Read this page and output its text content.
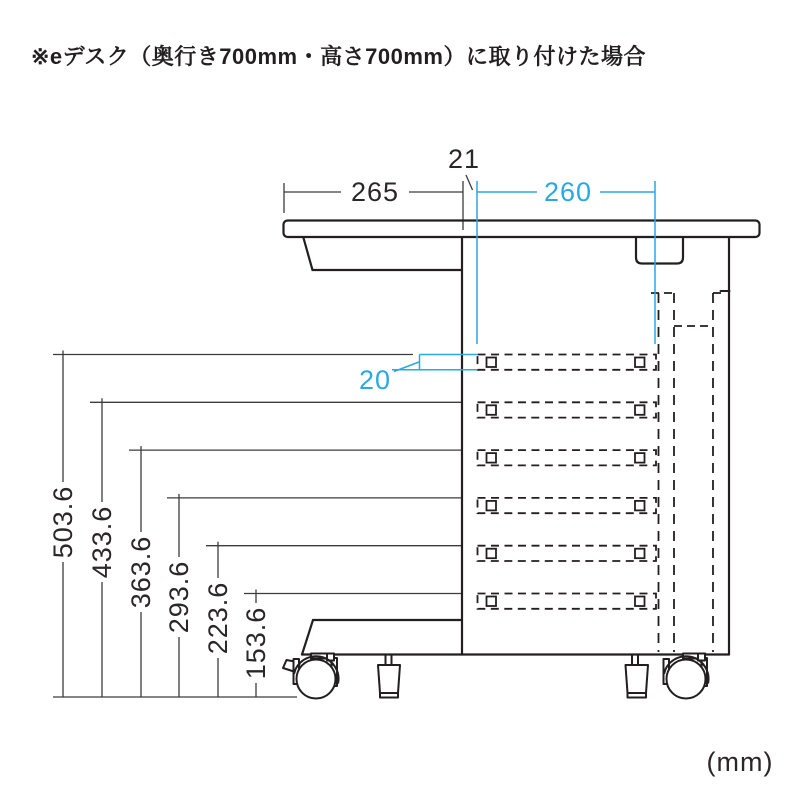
※eデスク（奥行き700mm・高さ700mm）に取り付けた場合
265
21
260
20
503.6 433.6 363.6 293.6 223.6 153.6
(mm)
